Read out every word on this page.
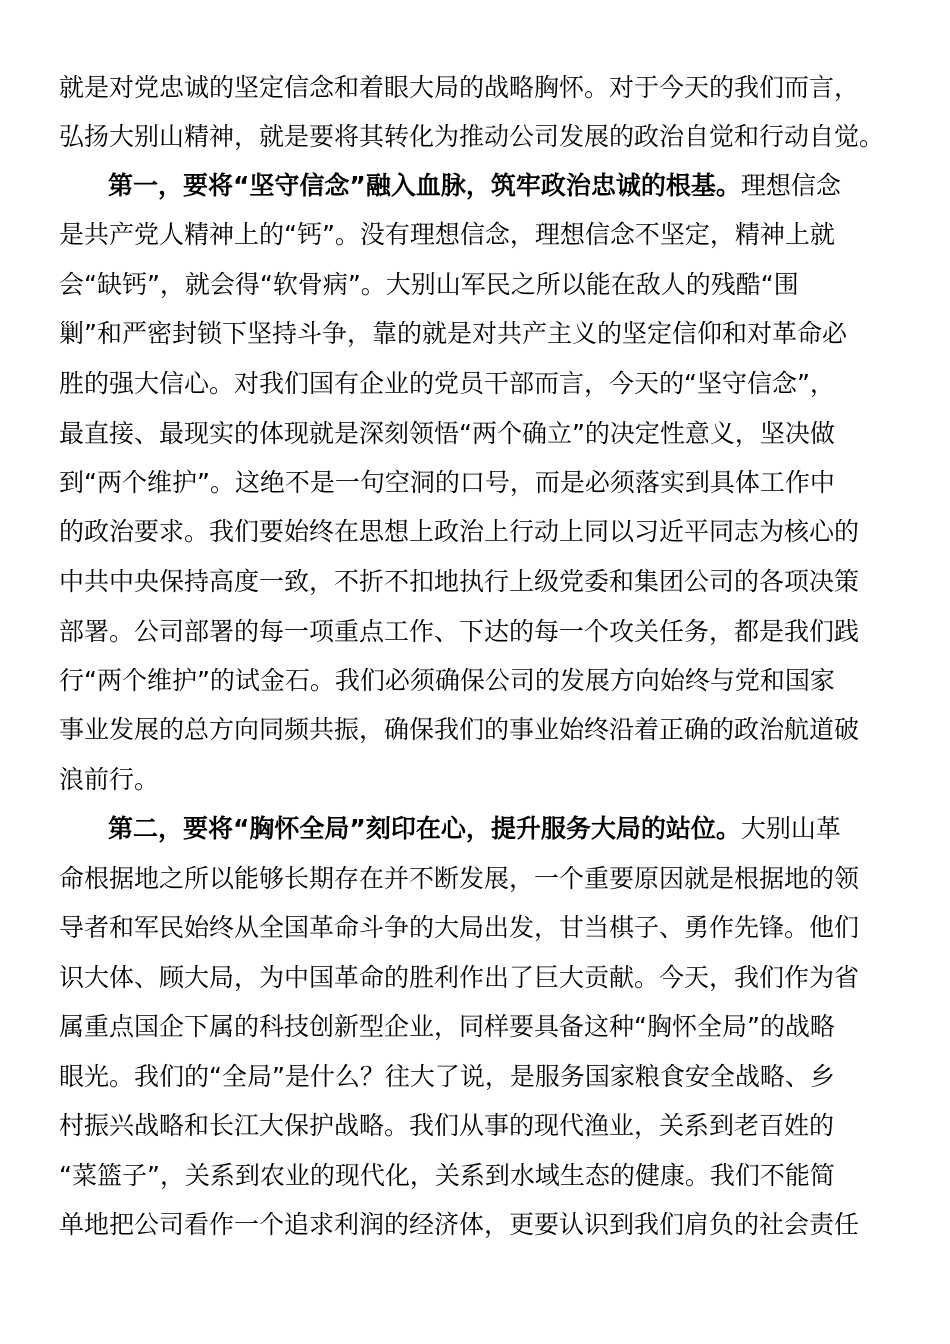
就是对党忠诚的坚定信念和着眼大局的战略胸怀。对于今天的我们而言，
弘扬大别山精神，就是要将其转化为推动公司发展的政治自觉和行动自觉。
第一，要将“坚守信念”融入血脉，筑牢政治忠诚的根基。理想信念
是共产党人精神上的“钙”。没有理想信念，理想信念不坚定，精神上就
会“缺钙”，就会得“软骨病”。大别山军民之所以能在敌人的残酷“围
剿”和严密封锁下坚持斗争，靠的就是对共产主义的坚定信仰和对革命必
胜的强大信心。对我们国有企业的党员干部而言，今天的“坚守信念”，
最直接、最现实的体现就是深刻领悟“两个确立”的决定性意义，坚决做
到“两个维护”。这绝不是一句空洞的口号，而是必须落实到具体工作中
的政治要求。我们要始终在思想上政治上行动上同以习近平同志为核心的
中共中央保持高度一致，不折不扣地执行上级党委和集团公司的各项决策
部署。公司部署的每一项重点工作、下达的每一个攻关任务，都是我们践
行“两个维护”的试金石。我们必须确保公司的发展方向始终与党和国家
事业发展的总方向同频共振，确保我们的事业始终沿着正确的政治航道破
浪前行。
第二，要将“胸怀全局”刻印在心，提升服务大局的站位。大别山革
命根据地之所以能够长期存在并不断发展，一个重要原因就是根据地的领
导者和军民始终从全国革命斗争的大局出发，甘当棋子、勇作先锋。他们
识大体、顾大局，为中国革命的胜利作出了巨大贡献。今天，我们作为省
属重点国企下属的科技创新型企业，同样要具备这种“胸怀全局”的战略
眼光。我们的“全局”是什么？往大了说，是服务国家粮食安全战略、乡
村振兴战略和长江大保护战略。我们从事的现代渔业，关系到老百姓的
“菜篮子”，关系到农业的现代化，关系到水域生态的健康。我们不能简
单地把公司看作一个追求利润的经济体，更要认识到我们肩负的社会责任
